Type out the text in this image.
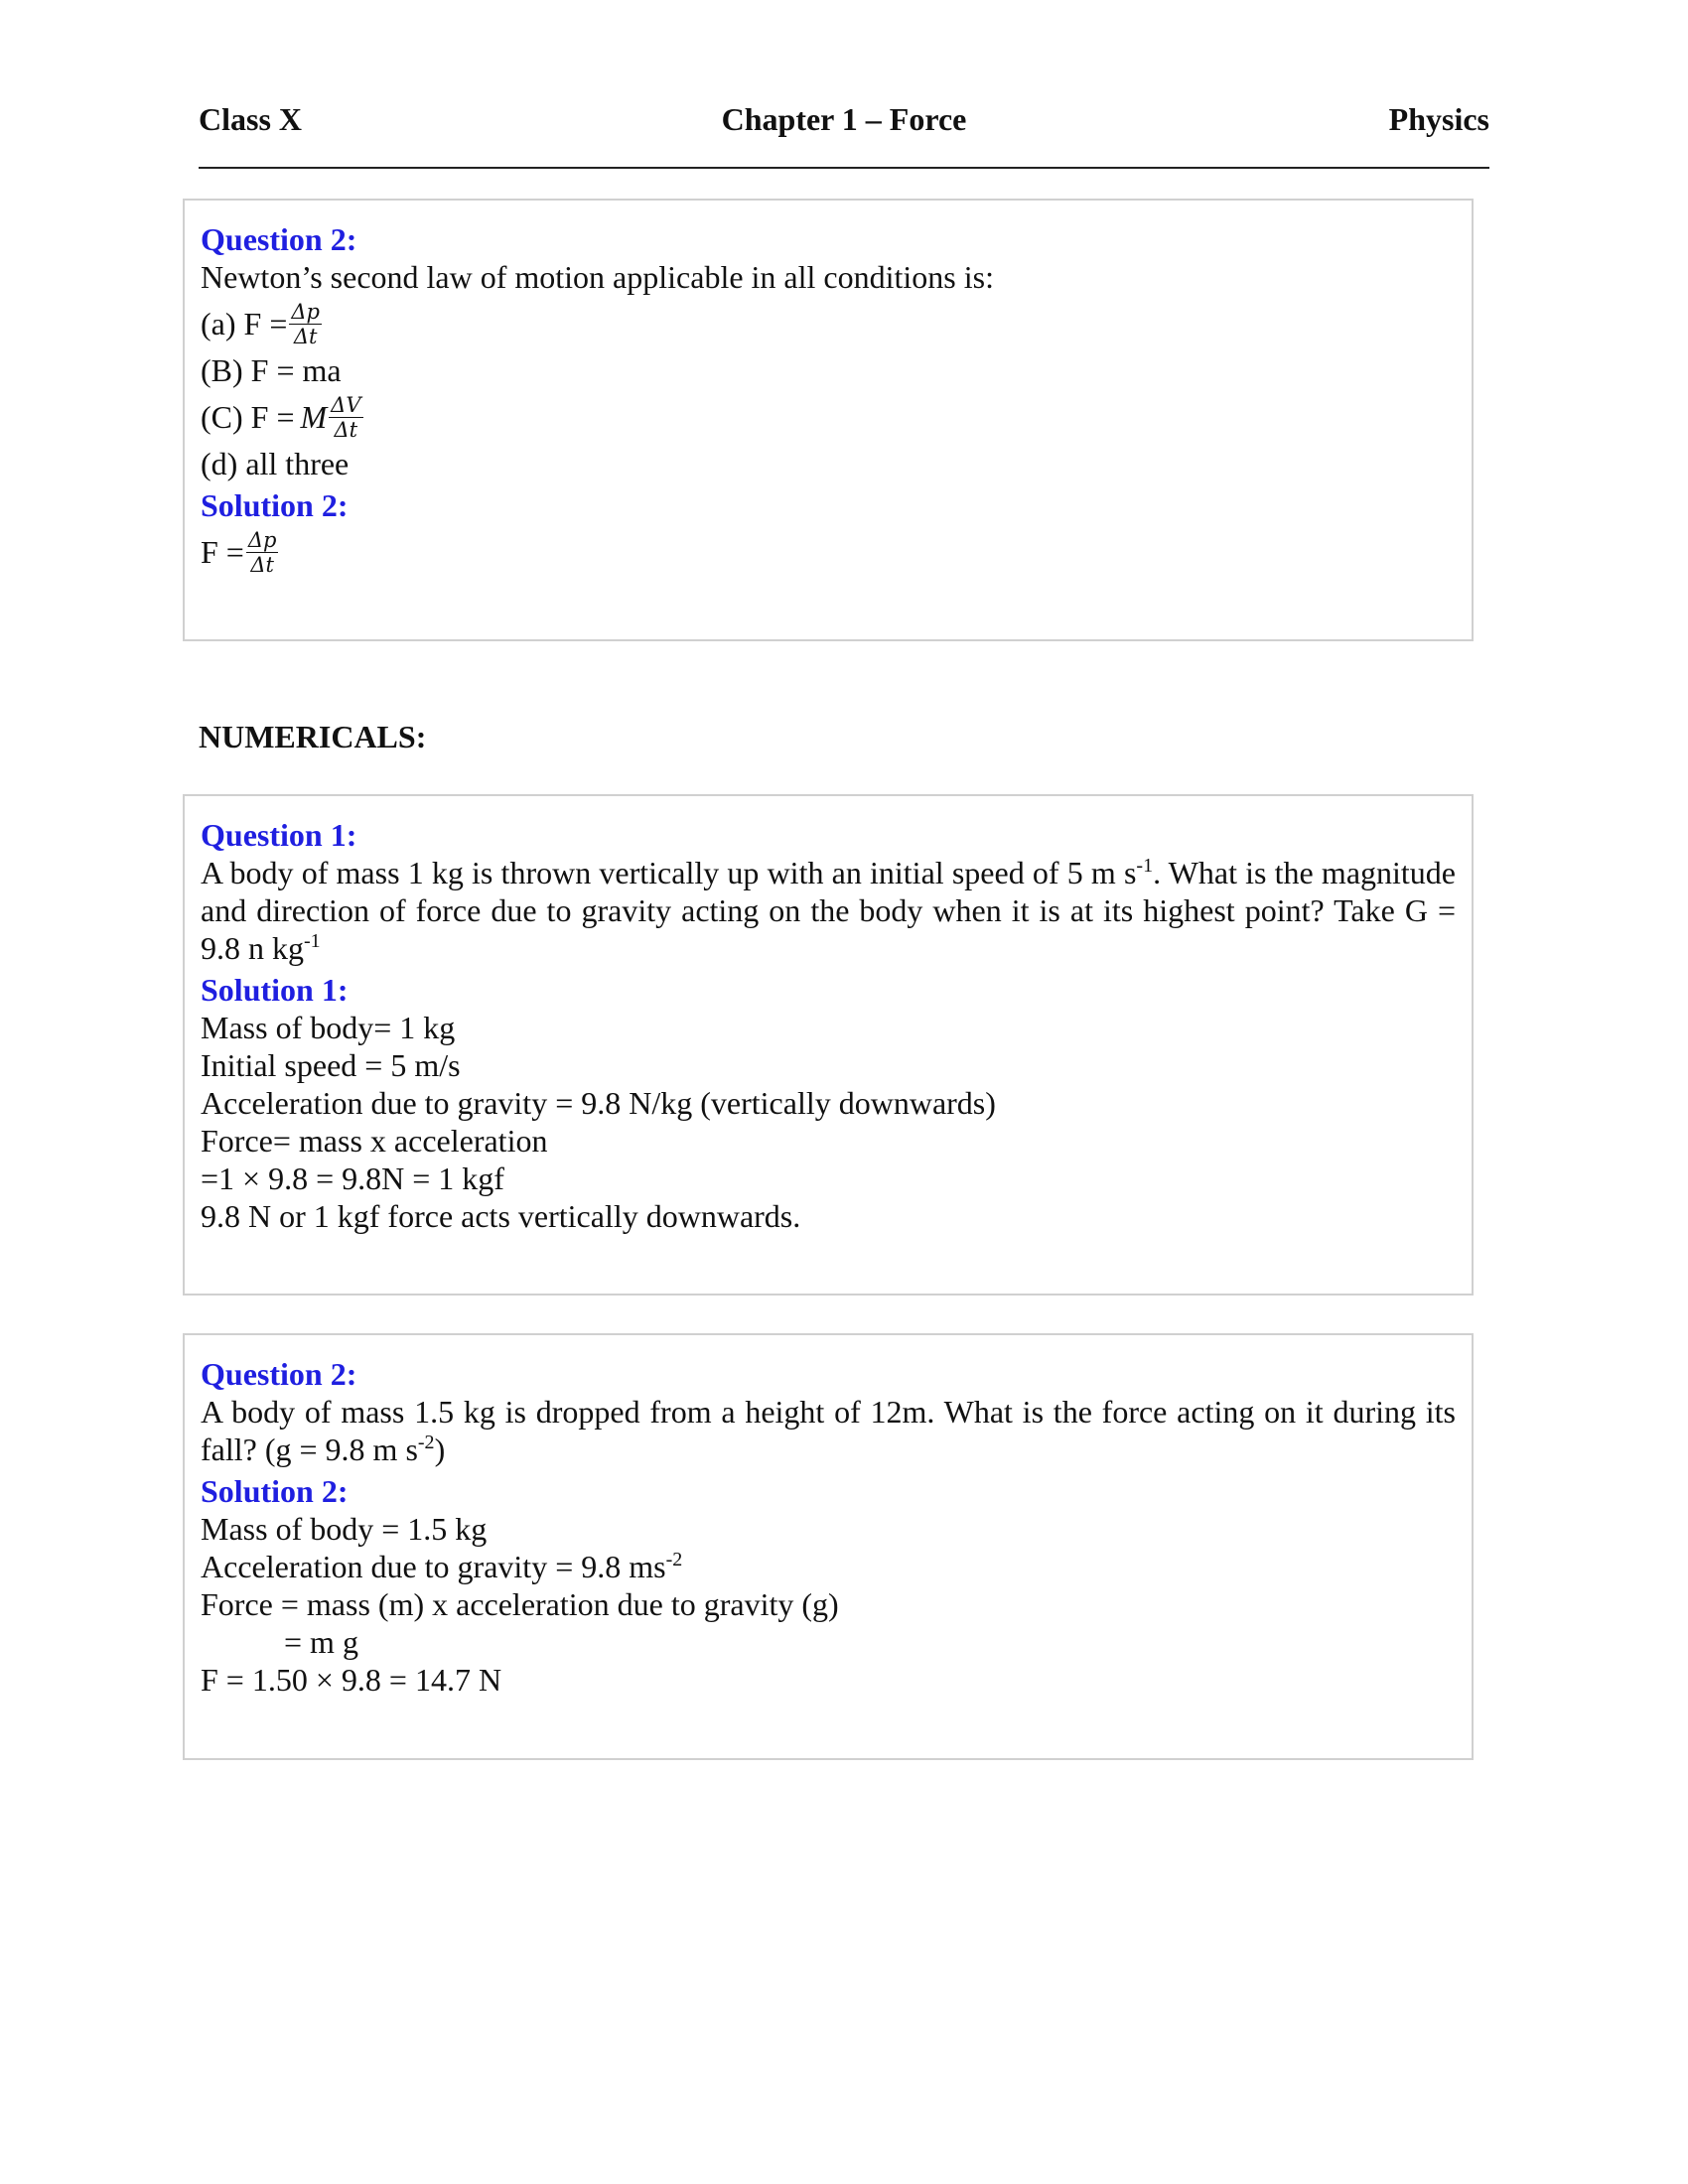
Class X	Chapter 1 – Force	Physics
Question 2:
Newton’s second law of motion applicable in all conditions is:
(a) $F = \frac{\Delta p}{\Delta t}$
(B) F = ma
(C) F = M $\frac{\Delta V}{\Delta t}$
(d) all three
Solution 2:
$F = \frac{\Delta p}{\Delta t}$
NUMERICALS:
Question 1:
A body of mass 1 kg is thrown vertically up with an initial speed of 5 m $s^{-1}$. What is the magnitude and direction of force due to gravity acting on the body when it is at its highest point? Take G = 9.8 n $kg^{-1}$
Solution 1:
Mass of body= 1 kg
Initial speed = 5 m/s
Acceleration due to gravity = 9.8 N/kg (vertically downwards)
Force= mass x acceleration
=1 × 9.8 = 9.8N = 1 kgf
9.8 N or 1 kgf force acts vertically downwards.
Question 2:
A body of mass 1.5 kg is dropped from a height of 12m. What is the force acting on it during its fall? (g = 9.8 m $s^{-2}$)
Solution 2:
Mass of body = 1.5 kg
Acceleration due to gravity = 9.8 $ms^{-2}$
Force = mass (m) x acceleration due to gravity (g)
= m g
F = 1.50 × 9.8 = 14.7 N
